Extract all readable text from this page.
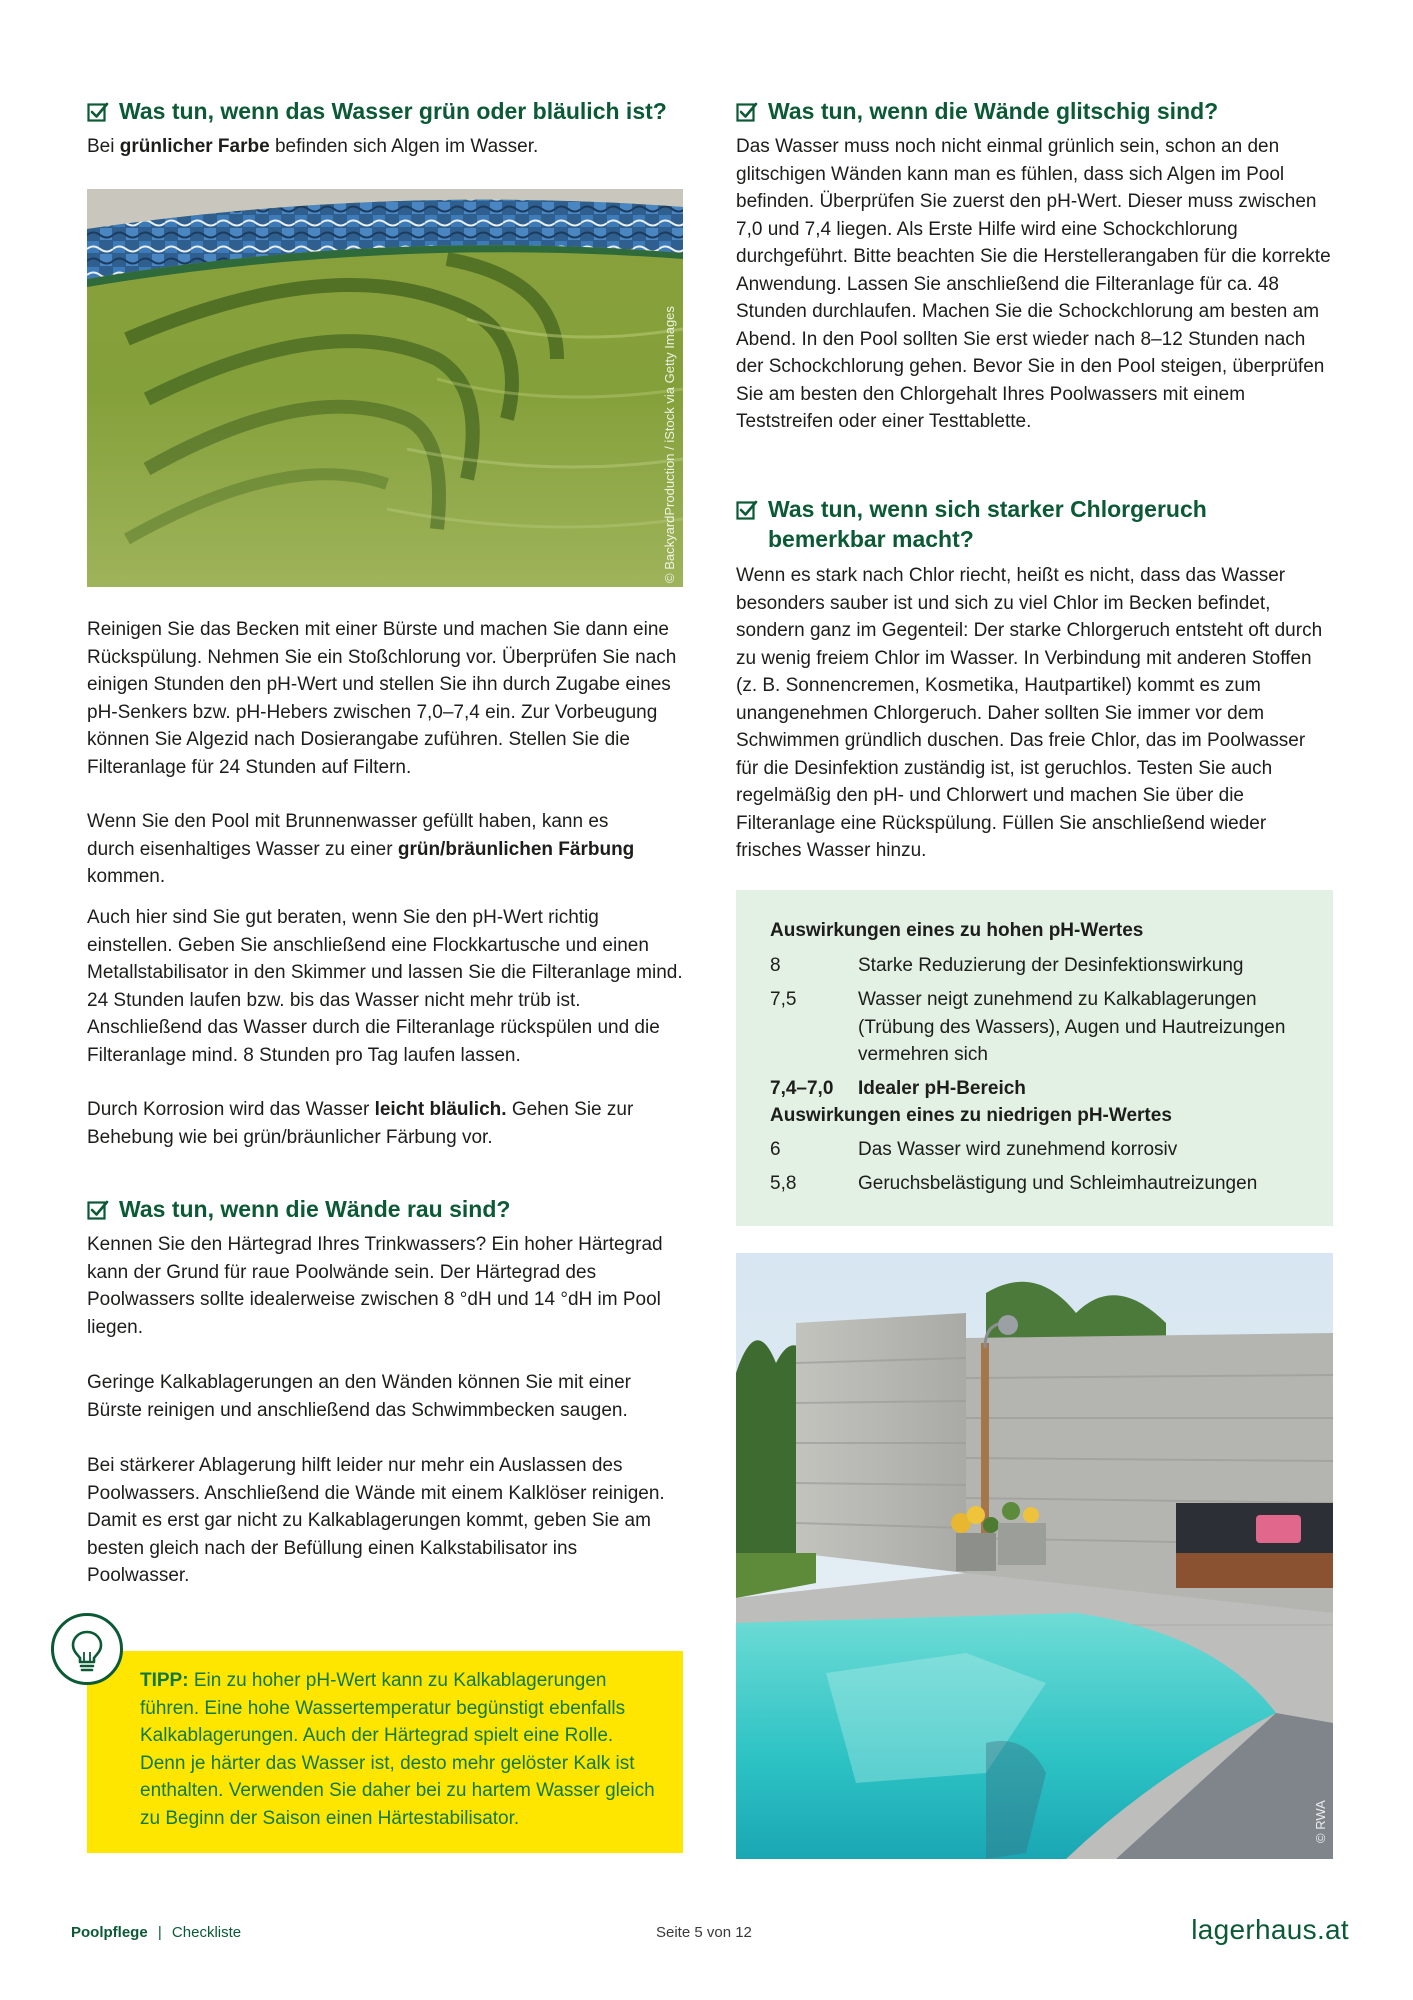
Was tun, wenn das Wasser grün oder bläulich ist?
Bei grünlicher Farbe befinden sich Algen im Wasser.
© BackyardProduction / iStock via Getty Images
Reinigen Sie das Becken mit einer Bürste und machen Sie dann eine Rückspülung. Nehmen Sie ein Stoßchlorung vor. Überprüfen Sie nach einigen Stunden den pH-Wert und stellen Sie ihn durch Zugabe eines pH-Senkers bzw. pH-Hebers zwischen 7,0–7,4 ein. Zur Vorbeugung können Sie Algezid nach Dosierangabe zuführen. Stellen Sie die Filteranlage für 24 Stunden auf Filtern.
Wenn Sie den Pool mit Brunnenwasser gefüllt haben, kann es durch eisenhaltiges Wasser zu einer grün/bräunlichen Färbung kommen.
Auch hier sind Sie gut beraten, wenn Sie den pH-Wert richtig einstellen. Geben Sie anschließend eine Flockkartusche und einen Metallstabilisator in den Skimmer und lassen Sie die Filteranlage mind. 24 Stunden laufen bzw. bis das Wasser nicht mehr trüb ist. Anschließend das Wasser durch die Filteranlage rückspülen und die Filteranlage mind. 8 Stunden pro Tag laufen lassen.
Durch Korrosion wird das Wasser leicht bläulich. Gehen Sie zur Behebung wie bei grün/bräunlicher Färbung vor.
Was tun, wenn die Wände rau sind?
Kennen Sie den Härtegrad Ihres Trinkwassers? Ein hoher Härtegrad kann der Grund für raue Poolwände sein. Der Härtegrad des Poolwassers sollte idealerweise zwischen 8 °dH und 14 °dH im Pool liegen.
Geringe Kalkablagerungen an den Wänden können Sie mit einer Bürste reinigen und anschließend das Schwimmbecken saugen.
Bei stärkerer Ablagerung hilft leider nur mehr ein Auslassen des Poolwassers. Anschließend die Wände mit einem Kalklöser reinigen. Damit es erst gar nicht zu Kalkablagerungen kommt, geben Sie am besten gleich nach der Befüllung einen Kalkstabilisator ins Poolwasser.
TIPP: Ein zu hoher pH-Wert kann zu Kalkablagerungen führen. Eine hohe Wassertemperatur begünstigt ebenfalls Kalkablagerungen. Auch der Härtegrad spielt eine Rolle. Denn je härter das Wasser ist, desto mehr gelöster Kalk ist enthalten. Verwenden Sie daher bei zu hartem Wasser gleich zu Beginn der Saison einen Härtestabilisator.
Was tun, wenn die Wände glitschig sind?
Das Wasser muss noch nicht einmal grünlich sein, schon an den glitschigen Wänden kann man es fühlen, dass sich Algen im Pool befinden. Überprüfen Sie zuerst den pH-Wert. Dieser muss zwischen 7,0 und 7,4 liegen. Als Erste Hilfe wird eine Schockchlorung durchgeführt. Bitte beachten Sie die Herstellerangaben für die korrekte Anwendung. Lassen Sie anschließend die Filteranlage für ca. 48 Stunden durchlaufen. Machen Sie die Schockchlorung am besten am Abend. In den Pool sollten Sie erst wieder nach 8–12 Stunden nach der Schockchlorung gehen. Bevor Sie in den Pool steigen, überprüfen Sie am besten den Chlorgehalt Ihres Poolwassers mit einem Teststreifen oder einer Testtablette.
Was tun, wenn sich starker Chlorgeruch
bemerkbar macht?
Wenn es stark nach Chlor riecht, heißt es nicht, dass das Wasser besonders sauber ist und sich zu viel Chlor im Becken befindet, sondern ganz im Gegenteil: Der starke Chlorgeruch entsteht oft durch zu wenig freiem Chlor im Wasser. In Verbindung mit anderen Stoffen (z. B. Sonnencremen, Kosmetika, Hautpartikel) kommt es zum unangenehmen Chlorgeruch. Daher sollten Sie immer vor dem Schwimmen gründlich duschen. Das freie Chlor, das im Poolwasser für die Desinfektion zuständig ist, ist geruchlos. Testen Sie auch regelmäßig den pH- und Chlorwert und machen Sie über die Filteranlage eine Rückspülung. Füllen Sie anschließend wieder frisches Wasser hinzu.
Auswirkungen eines zu hohen pH-Wertes
8	Starke Reduzierung der Desinfektionswirkung
7,5	Wasser neigt zunehmend zu Kalkablagerungen (Trübung des Wassers), Augen und Hautreizungen vermehren sich
7,4–7,0	Idealer pH-Bereich
Auswirkungen eines zu niedrigen pH-Wertes
6	Das Wasser wird zunehmend korrosiv
5,8	Geruchsbelästigung und Schleimhautreizungen
© RWA
Poolpflege | Checkliste	Seite 5 von 12	lagerhaus.at
